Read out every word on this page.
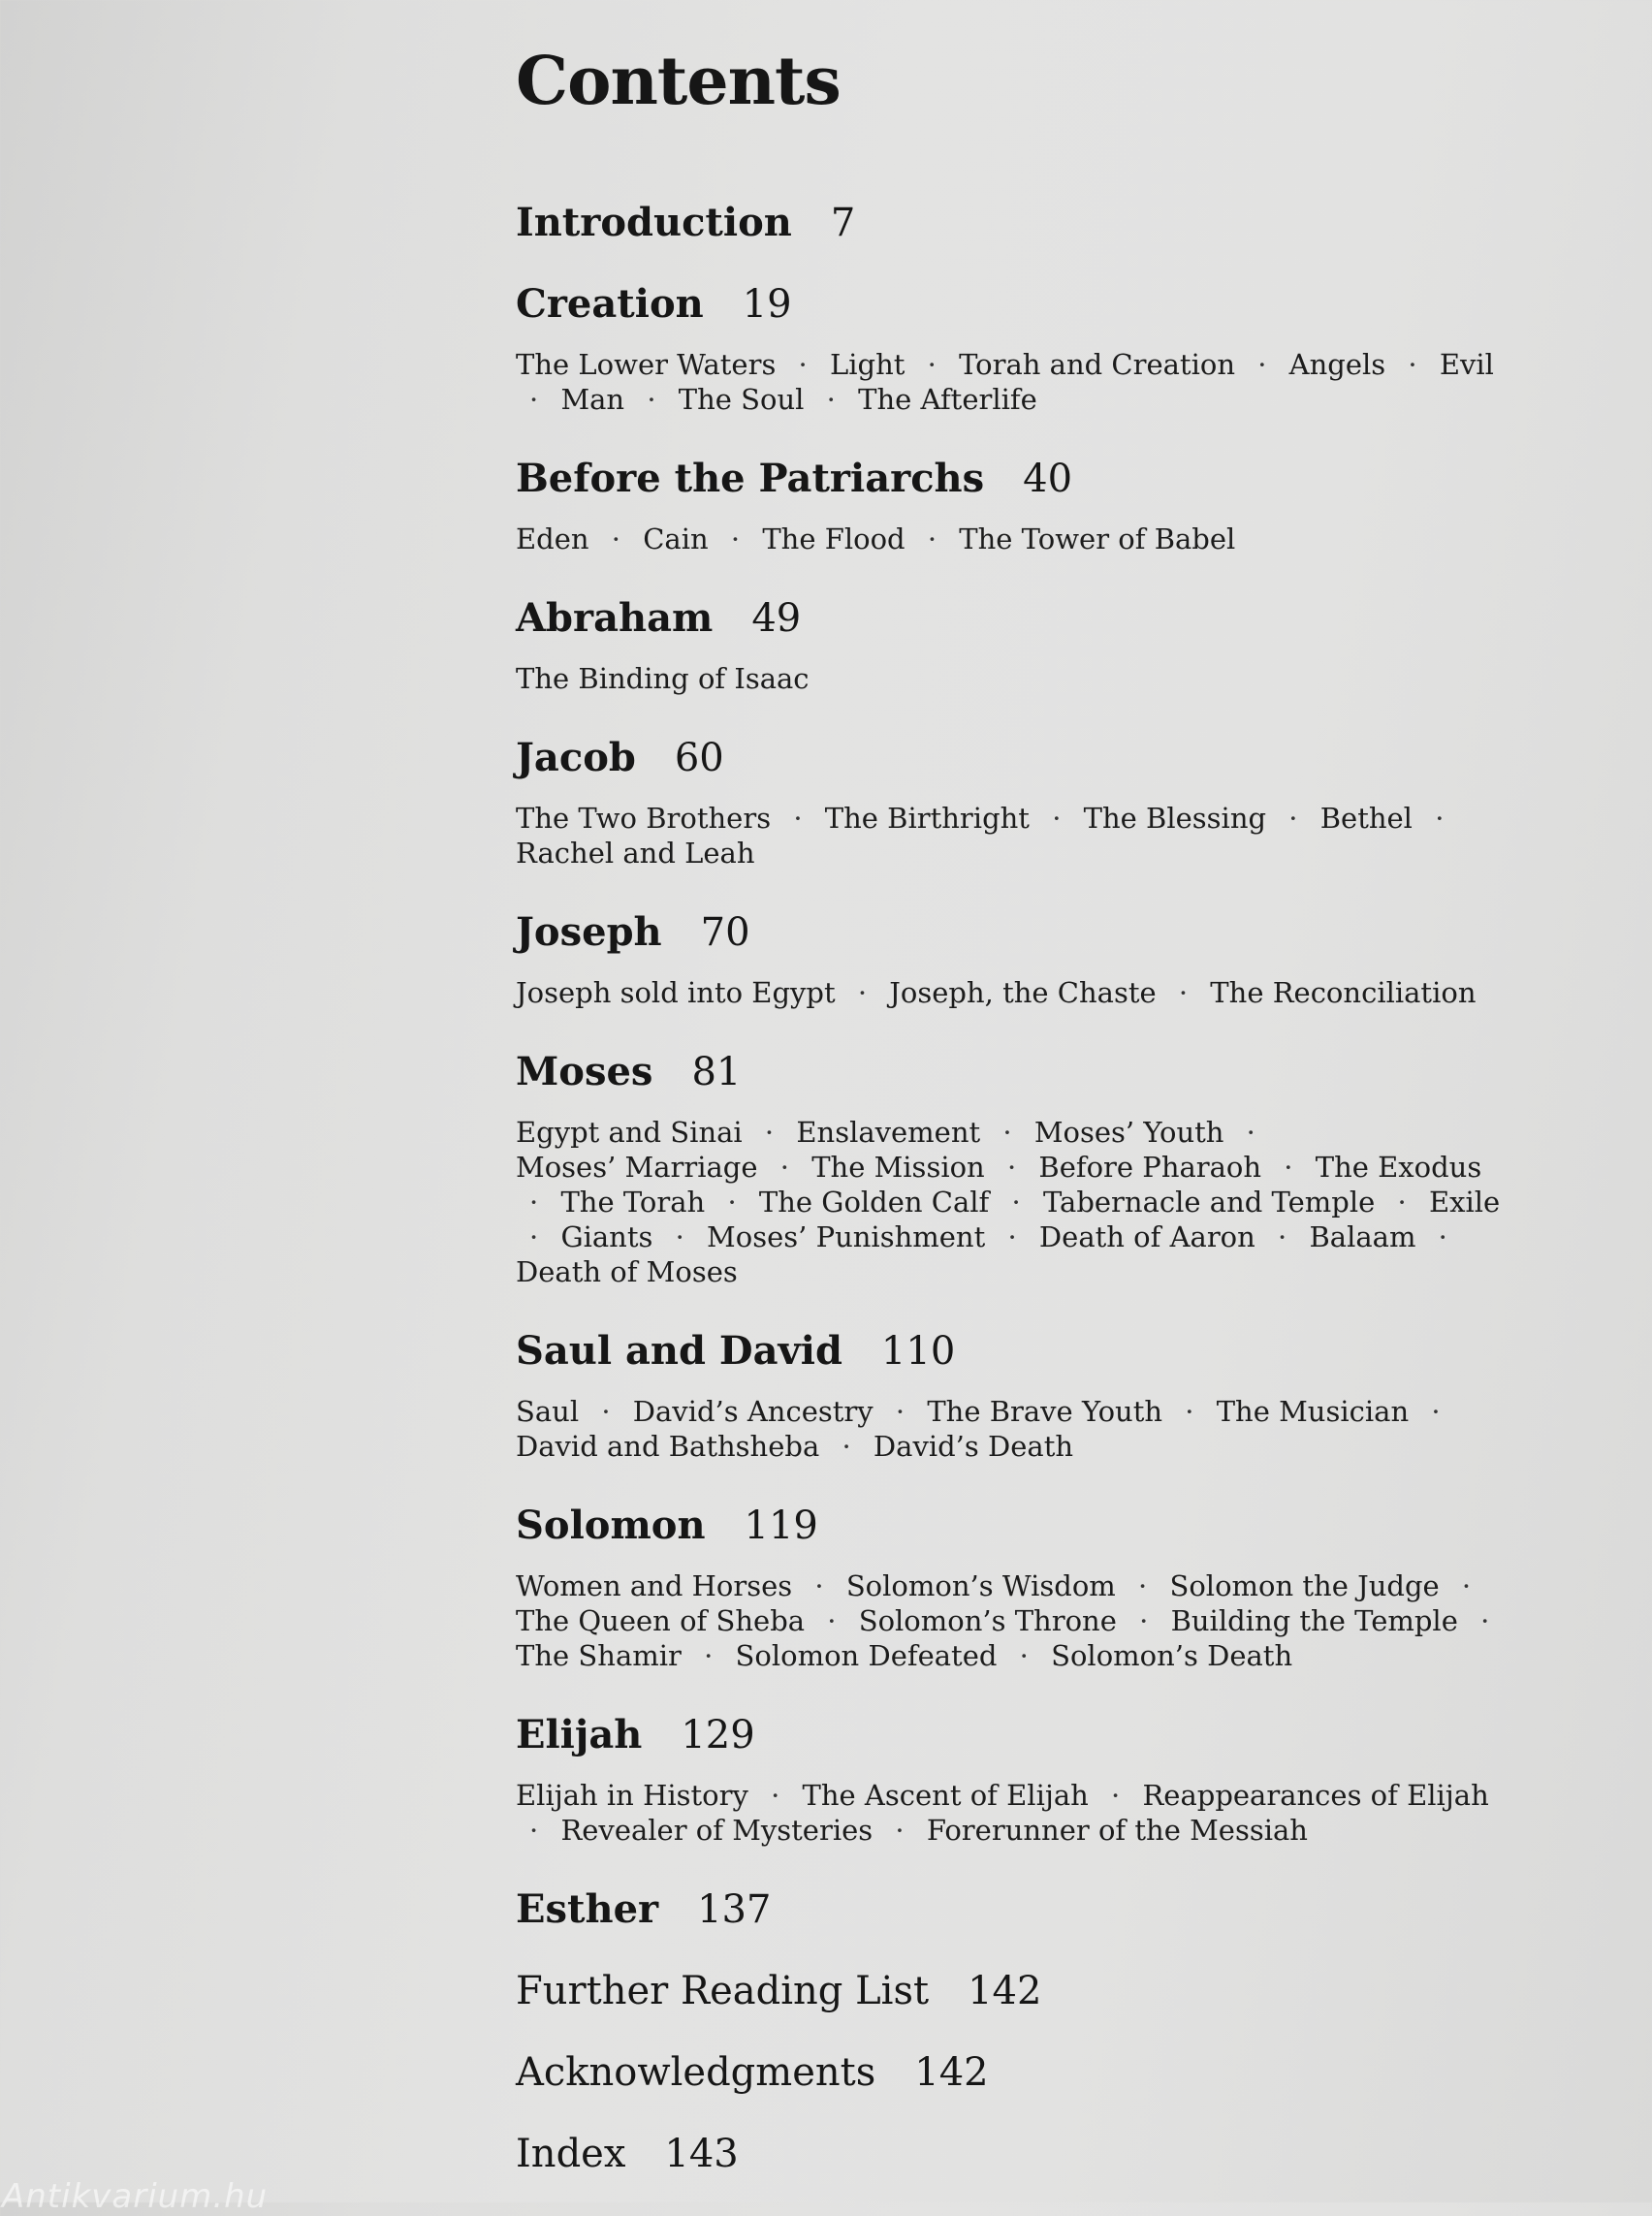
Contents
Introduction 7
Creation 19
The Lower Waters · Light · Torah and Creation · Angels · Evil · Man · The Soul · The Afterlife
Before the Patriarchs 40
Eden · Cain · The Flood · The Tower of Babel
Abraham 49
The Binding of Isaac
Jacob 60
The Two Brothers · The Birthright · The Blessing · Bethel · Rachel and Leah
Joseph 70
Joseph sold into Egypt · Joseph, the Chaste · The Reconciliation
Moses 81
Egypt and Sinai · Enslavement · Moses’ Youth · Moses’ Marriage · The Mission · Before Pharaoh · The Exodus · The Torah · The Golden Calf · Tabernacle and Temple · Exile · Giants · Moses’ Punishment · Death of Aaron · Balaam · Death of Moses
Saul and David 110
Saul · David’s Ancestry · The Brave Youth · The Musician · David and Bathsheba · David’s Death
Solomon 119
Women and Horses · Solomon’s Wisdom · Solomon the Judge · The Queen of Sheba · Solomon’s Throne · Building the Temple · The Shamir · Solomon Defeated · Solomon’s Death
Elijah 129
Elijah in History · The Ascent of Elijah · Reappearances of Elijah · Revealer of Mysteries · Forerunner of the Messiah
Esther 137
Further Reading List 142
Acknowledgments 142
Index 143
Antikvarium.hu
